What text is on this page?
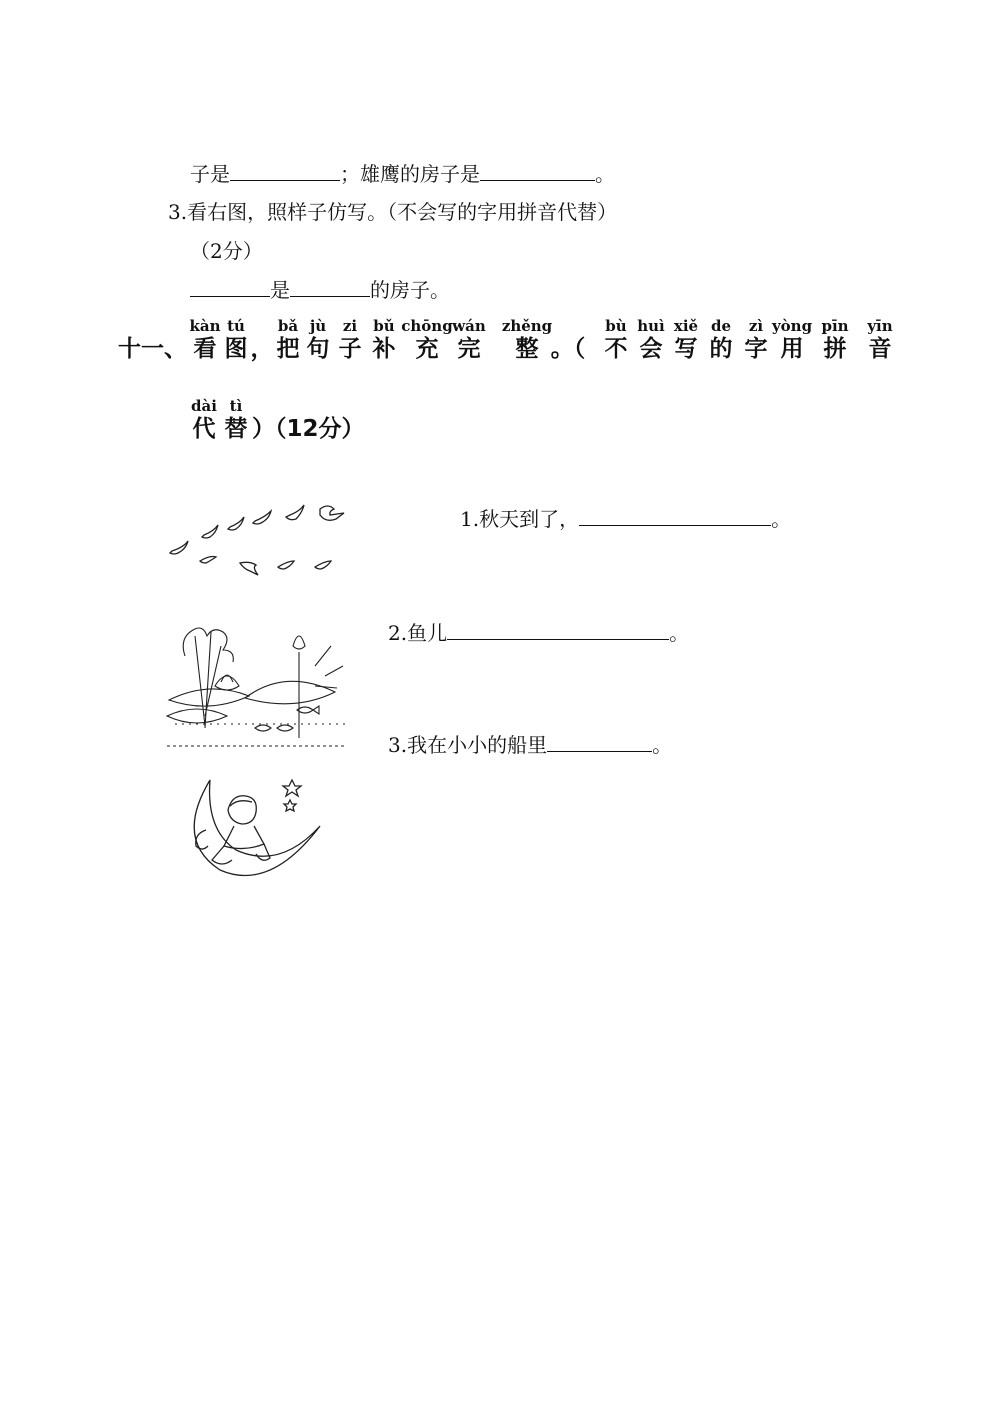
子是	；雄鹰的房子是	。
3.看右图，照样子仿写。（不会写的字用拼音代替）
（2分）
是	的房子。
十一、
kàn
看
tú
图
，
bǎ
把
jù
句
zi
子
bǔ
补
chōng
充
wán
完
zhěng
整
。（
bù
不
huì
会
xiě
写
de
的
zì
字
yòng
用
pīn
拼
yīn
音
dài
代
tì
替 ）（12分）
1.秋天到了，	。
2.鱼儿	。
3.我在小小的船里	。
